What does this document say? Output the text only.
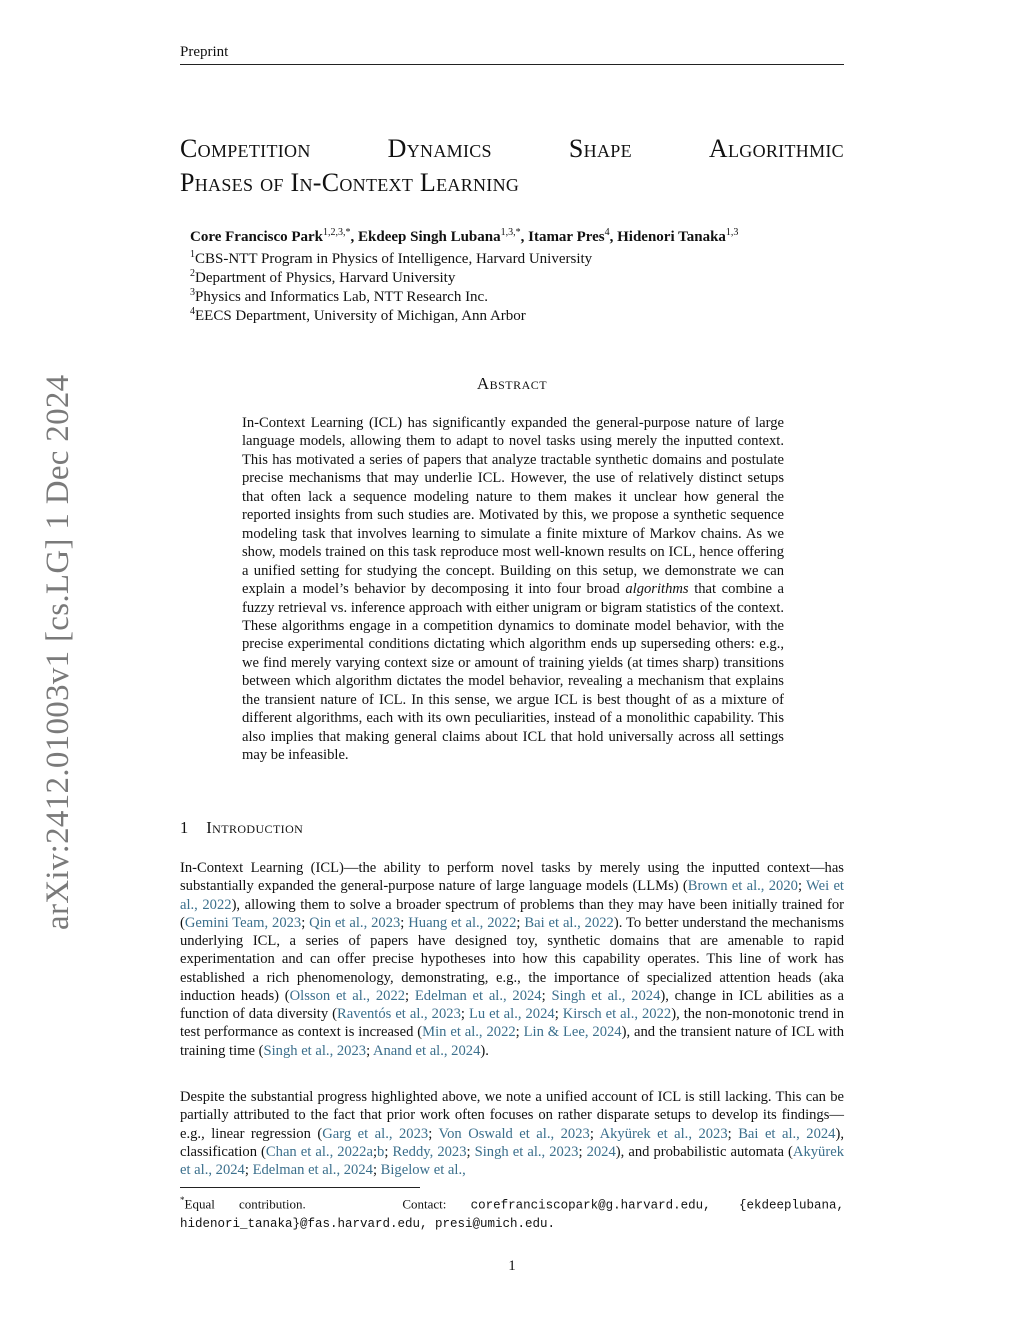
Preprint
Competition	Dynamics	Shape	Algorithmic
Phases of In-Context Learning
Core Francisco Park$^{1,2,3,*}$, Ekdeep Singh Lubana$^{1,3,*}$, Itamar Pres$^4$, Hidenori Tanaka$^{1,3}$
$^1$CBS-NTT Program in Physics of Intelligence, Harvard University
$^2$Department of Physics, Harvard University
$^3$Physics and Informatics Lab, NTT Research Inc.
$^4$EECS Department, University of Michigan, Ann Arbor
Abstract
In-Context Learning (ICL) has significantly expanded the general-purpose nature of large language models, allowing them to adapt to novel tasks using merely the inputted context. This has motivated a series of papers that analyze tractable synthetic domains and postulate precise mechanisms that may underlie ICL. However, the use of relatively distinct setups that often lack a sequence modeling nature to them makes it unclear how general the reported insights from such studies are. Motivated by this, we propose a synthetic sequence modeling task that involves learning to simulate a finite mixture of Markov chains. As we show, models trained on this task reproduce most well-known results on ICL, hence offering a unified setting for studying the concept. Building on this setup, we demonstrate we can explain a model’s behavior by decomposing it into four broad algorithms that combine a fuzzy retrieval vs. inference approach with either unigram or bigram statistics of the context. These algorithms engage in a competition dynamics to dominate model behavior, with the precise experimental conditions dictating which algorithm ends up superseding others: e.g., we find merely varying context size or amount of training yields (at times sharp) transitions between which algorithm dictates the model behavior, revealing a mechanism that explains the transient nature of ICL. In this sense, we argue ICL is best thought of as a mixture of different algorithms, each with its own peculiarities, instead of a monolithic capability. This also implies that making general claims about ICL that hold universally across all settings may be infeasible.
1 Introduction
In-Context Learning (ICL)—the ability to perform novel tasks by merely using the inputted context—has substantially expanded the general-purpose nature of large language models (LLMs) (Brown et al., 2020; Wei et al., 2022), allowing them to solve a broader spectrum of problems than they may have been initially trained for (Gemini Team, 2023; Qin et al., 2023; Huang et al., 2022; Bai et al., 2022). To better understand the mechanisms underlying ICL, a series of papers have designed toy, synthetic domains that are amenable to rapid experimentation and can offer precise hypotheses into how this capability operates. This line of work has established a rich phenomenology, demonstrating, e.g., the importance of specialized attention heads (aka induction heads) (Olsson et al., 2022; Edelman et al., 2024; Singh et al., 2024), change in ICL abilities as a function of data diversity (Raventós et al., 2023; Lu et al., 2024; Kirsch et al., 2022), the non-monotonic trend in test performance as context is increased (Min et al., 2022; Lin & Lee, 2024), and the transient nature of ICL with training time (Singh et al., 2023; Anand et al., 2024).
Despite the substantial progress highlighted above, we note a unified account of ICL is still lacking. This can be partially attributed to the fact that prior work often focuses on rather disparate setups to develop its findings—e.g., linear regression (Garg et al., 2023; Von Oswald et al., 2023; Akyürek et al., 2023; Bai et al., 2024), classification (Chan et al., 2022a;b; Reddy, 2023; Singh et al., 2023; 2024), and probabilistic automata (Akyürek et al., 2024; Edelman et al., 2024; Bigelow et al.,
*Equal contribution.	Contact: corefranciscopark@g.harvard.edu, {ekdeeplubana, hidenori_tanaka}@fas.harvard.edu, presi@umich.edu.
1
arXiv:2412.01003v1 [cs.LG] 1 Dec 2024
